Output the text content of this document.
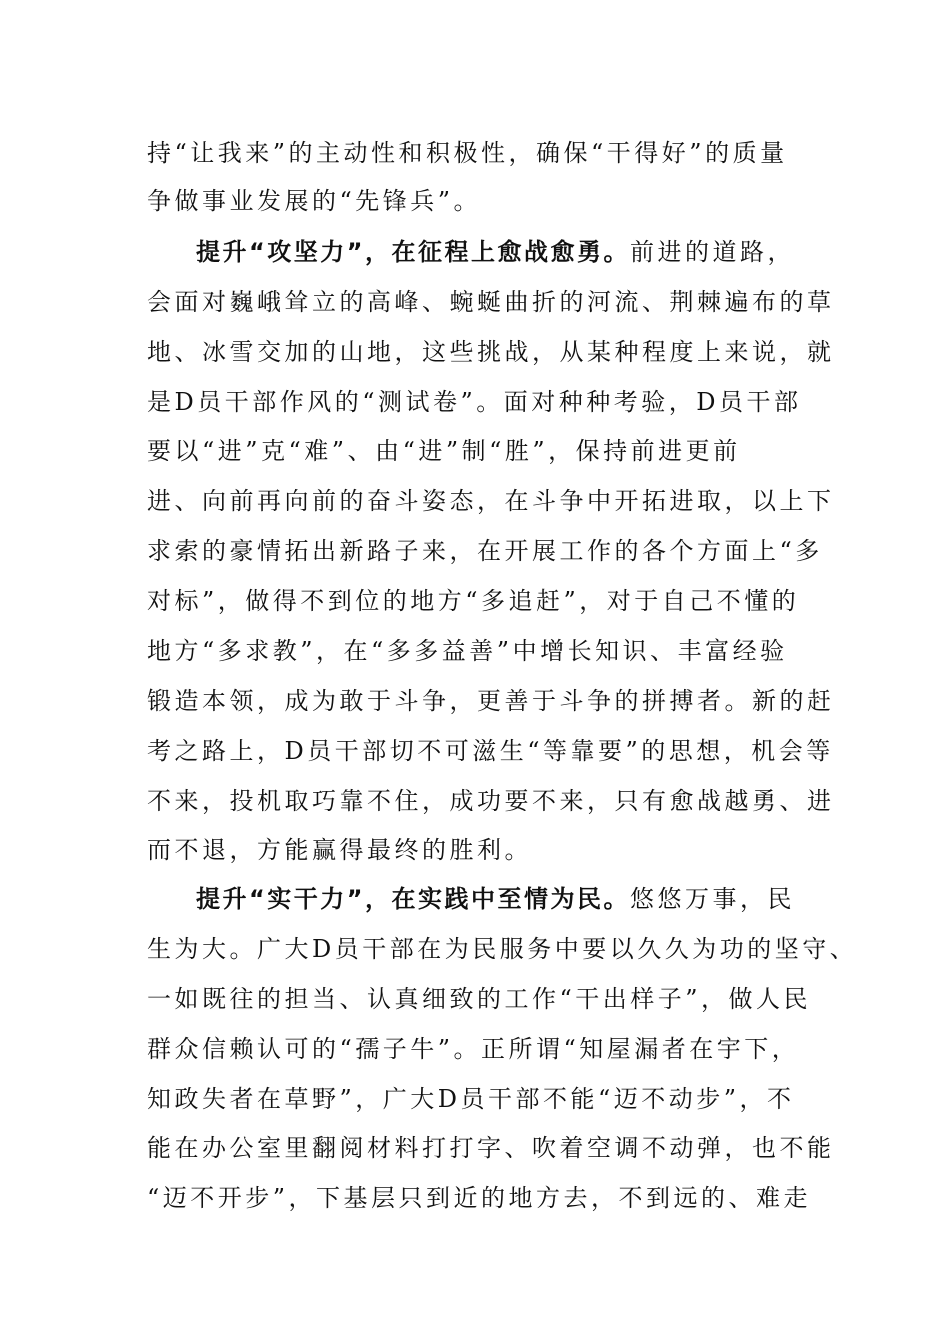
持“让我来”的主动性和积极性，确保“干得好”的质量
争做事业发展的“先锋兵”。
提升“攻坚力”，在征程上愈战愈勇。前进的道路，
会面对巍峨耸立的高峰、蜿蜒曲折的河流、荆棘遍布的草
地、冰雪交加的山地，这些挑战，从某种程度上来说，就
是D员干部作风的“测试卷”。面对种种考验，D员干部
要以“进”克“难”、由“进”制“胜”，保持前进更前
进、向前再向前的奋斗姿态，在斗争中开拓进取，以上下
求索的豪情拓出新路子来，在开展工作的各个方面上“多
对标”，做得不到位的地方“多追赶”，对于自己不懂的
地方“多求教”，在“多多益善”中增长知识、丰富经验
锻造本领，成为敢于斗争，更善于斗争的拼搏者。新的赶
考之路上，D员干部切不可滋生“等靠要”的思想，机会等
不来，投机取巧靠不住，成功要不来，只有愈战越勇、进
而不退，方能赢得最终的胜利。
提升“实干力”，在实践中至情为民。悠悠万事，民
生为大。广大D员干部在为民服务中要以久久为功的坚守、
一如既往的担当、认真细致的工作“干出样子”，做人民
群众信赖认可的“孺子牛”。正所谓“知屋漏者在宇下，
知政失者在草野”，广大D员干部不能“迈不动步”，不
能在办公室里翻阅材料打打字、吹着空调不动弹，也不能
“迈不开步”，下基层只到近的地方去，不到远的、难走
